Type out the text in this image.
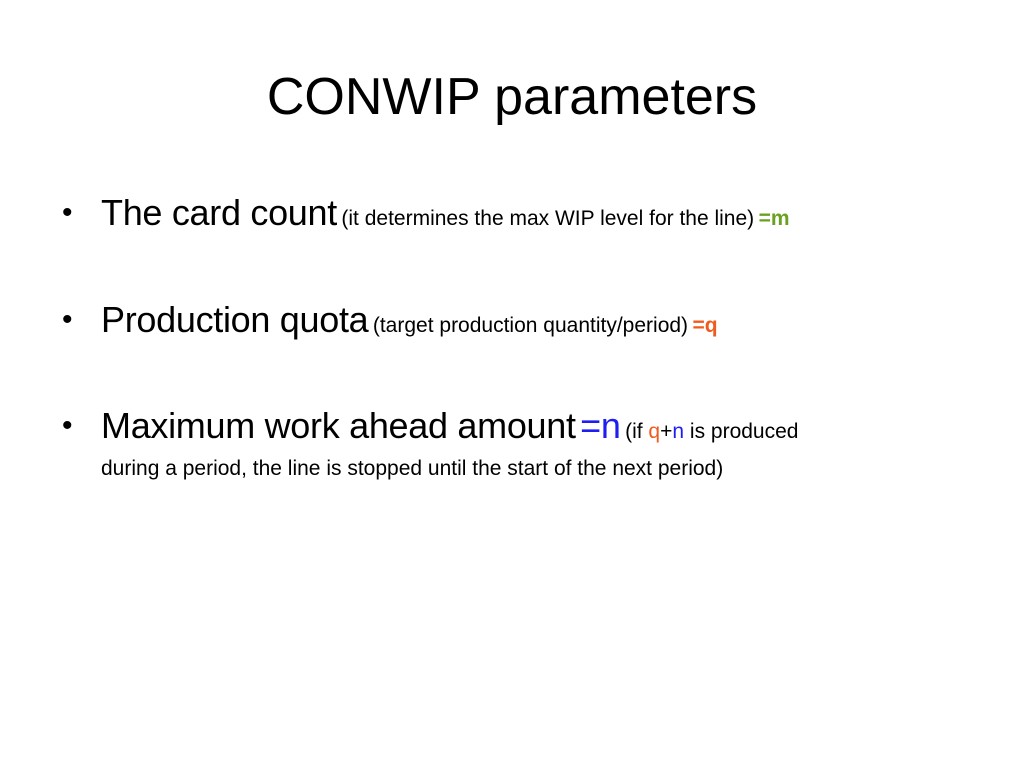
CONWIP parameters
• The card count (it determines the max WIP level for the line) =m
• Production quota (target production quantity/period) =q
• Maximum work ahead amount =n (if q+n is produced
during a period, the line is stopped until the start of the next period)
